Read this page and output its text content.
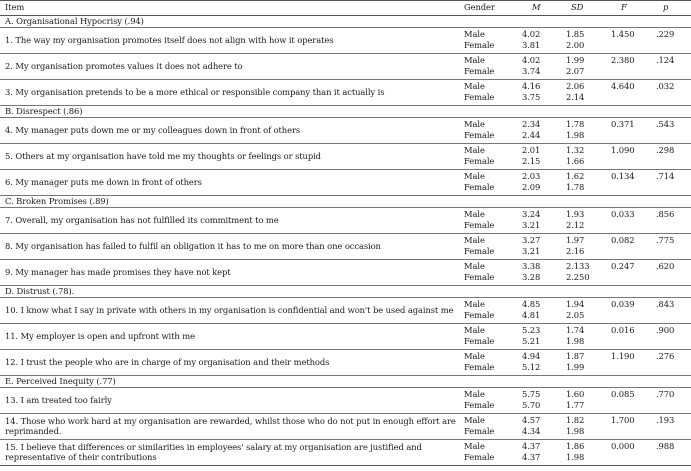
Item	Gender	M	SD	F	p
A. Organisational Hypocrisy (.94)
1. The way my organisation promotes itself does not align with how it operates
Male	4.02	1.85	1.450	.229
Female	3.81	2.00
2. My organisation promotes values it does not adhere to
Male	4.02	1.99	2.380	.124
Female	3.74	2.07
3. My organisation pretends to be a more ethical or responsible company than it actually is
Male	4.16	2.06	4.640	.032
Female	3.75	2.14
B. Disrespect (.86)
4. My manager puts down me or my colleagues down in front of others
Male	2.34	1.78	0.371	.543
Female	2.44	1.98
5. Others at my organisation have told me my thoughts or feelings or stupid
Male	2.01	1.32	1.090	.298
Female	2.15	1.66
6. My manager puts me down in front of others
Male	2.03	1.62	0.134	.714
Female	2.09	1.78
C. Broken Promises (.89)
7. Overall, my organisation has not fulfilled its commitment to me
Male	3.24	1.93	0.033	.856
Female	3.21	2.12
8. My organisation has failed to fulfil an obligation it has to me on more than one occasion
Male	3.27	1.97	0.082	.775
Female	3.21	2.16
9. My manager has made promises they have not kept
Male	3.38	2.133	0.247	.620
Female	3.28	2.250
D. Distrust (.78).
10. I know what I say in private with others in my organisation is confidential and won't be used against me
Male	4.85	1.94	0.039	.843
Female	4.81	2.05
11. My employer is open and upfront with me
Male	5.23	1.74	0.016	.900
Female	5.21	1.98
12. I trust the people who are in charge of my organisation and their methods
Male	4.94	1.87	1.190	.276
Female	5.12	1.99
E. Perceived Inequity (.77)
13. I am treated too fairly
Male	5.75	1.60	0.085	.770
Female	5.70	1.77
14. Those who work hard at my organisation are rewarded, whilst those who do not put in enough effort are reprimanded.
Male	4.57	1.82	1.700	.193
Female	4.34	1.98
15. I believe that differences or similarities in employees' salary at my organisation are justified and representative of their contributions
Male	4.37	1.86	0.000	.988
Female	4.37	1.98
